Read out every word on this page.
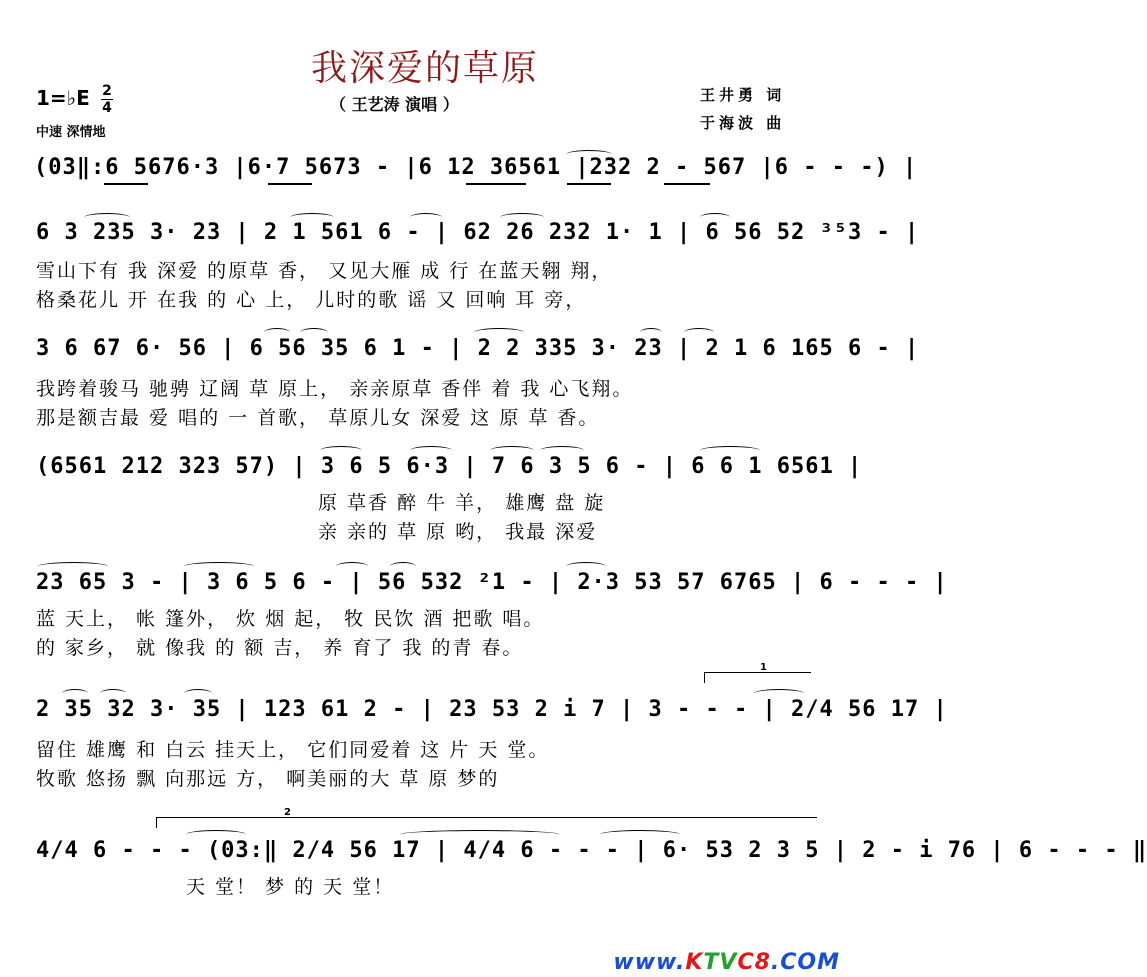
我深爱的草原
（ 王艺涛 演唱 ）
1=♭E 2
4
中速 深情地
王井勇 词
于海波 曲
(03‖:6 5676·3 |6·7 5673 - |6 12 36561 |232 2 - 567 |6 - - -) |
6 3 235 3· 23 | 2 1 561 6 - | 62 26 232 1· 1 | 6 56 52 ³⁵3 - |
雪山下有 我 深爱 的原草 香， 又见大雁 成 行 在蓝天翱 翔，
格桑花儿 开 在我 的 心 上， 儿时的歌 谣 又 回响 耳 旁，
3 6 67 6· 56 | 6 56 35 6 1 - | 2 2 335 3· 23 | 2 1 6 165 6 - |
我跨着骏马 驰骋 辽阔 草 原上， 亲亲原草 香伴 着 我 心飞翔。
那是额吉最 爱 唱的 一 首歌， 草原儿女 深爱 这 原 草 香。
(6561 212 323 57) | 3 6 5 6·3 | 7 6 3 5 6 - | 6 6 1 6561 |
原 草香 醉 牛 羊， 雄鹰 盘 旋
亲 亲的 草 原 哟， 我最 深爱
23 65 3 - | 3 6 5 6 - | 56 532 ²1 - | 2·3 53 57 6765 | 6 - - - |
蓝 天上， 帐 篷外， 炊 烟 起， 牧 民饮 酒 把歌 唱。
的 家乡， 就 像我 的 额 吉， 养 育了 我 的青 春。
1
2 35 32 3· 35 | 123 61 2 - | 23 53 2 i 7 | 3 - - - | 2/4 56 17 |
留住 雄鹰 和 白云 挂天上， 它们同爱着 这 片 天 堂。
牧歌 悠扬 飘 向那远 方， 啊美丽的大 草 原 梦的
2
4/4 6 - - - (03:‖ 2/4 56 17 | 4/4 6 - - - | 6· 53 2 3 5 | 2 - i 76 | 6 - - - ‖
天 堂！ 梦 的 天 堂！
www.KTVC8.COM
